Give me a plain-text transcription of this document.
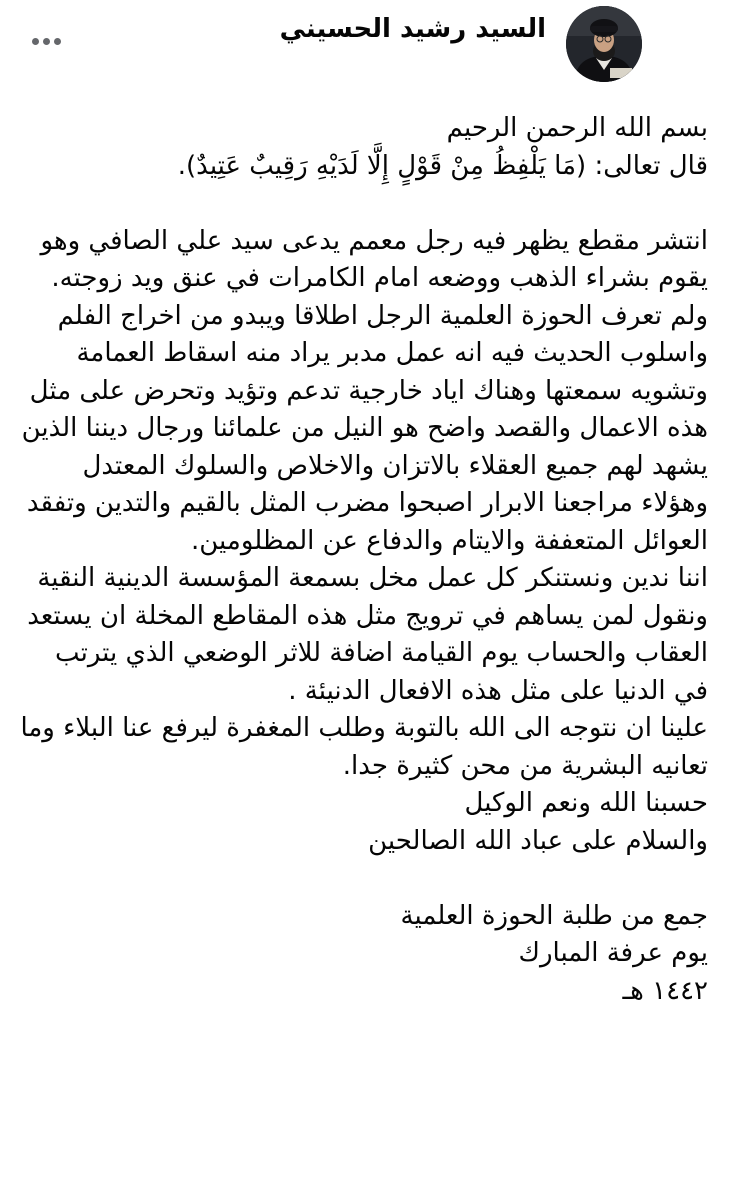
السيد رشيد الحسيني

بسم الله الرحمن الرحيم
قال تعالى: (مَا يَلْفِظُ مِنْ قَوْلٍ إِلَّا لَدَيْهِ رَقِيبٌ عَتِيدٌ).

انتشر مقطع يظهر فيه رجل معمم يدعى سيد علي الصافي وهو يقوم بشراء الذهب ووضعه امام الكامرات في عنق ويد زوجته.
ولم تعرف الحوزة العلمية الرجل اطلاقا ويبدو من اخراج الفلم واسلوب الحديث فيه انه عمل مدبر يراد منه اسقاط العمامة وتشويه سمعتها وهناك اياد خارجية تدعم وتؤيد وتحرض على مثل هذه الاعمال والقصد واضح هو النيل من علمائنا ورجال ديننا الذين يشهد لهم جميع العقلاء بالاتزان والاخلاص والسلوك المعتدل وهؤلاء مراجعنا الابرار اصبحوا مضرب المثل بالقيم والتدين وتفقد العوائل المتعففة والايتام والدفاع عن المظلومين.
اننا ندين ونستنكر كل عمل مخل بسمعة المؤسسة الدينية النقية ونقول لمن يساهم في ترويج مثل هذه المقاطع المخلة ان يستعد العقاب والحساب يوم القيامة اضافة للاثر الوضعي الذي يترتب في الدنيا على مثل هذه الافعال الدنيئة .
علينا ان نتوجه الى الله بالتوبة وطلب المغفرة ليرفع عنا البلاء وما تعانيه البشرية من محن كثيرة جدا.
حسبنا الله ونعم الوكيل
والسلام على عباد الله الصالحين

جمع من طلبة الحوزة العلمية
يوم عرفة المبارك
١٤٤٢ هـ
